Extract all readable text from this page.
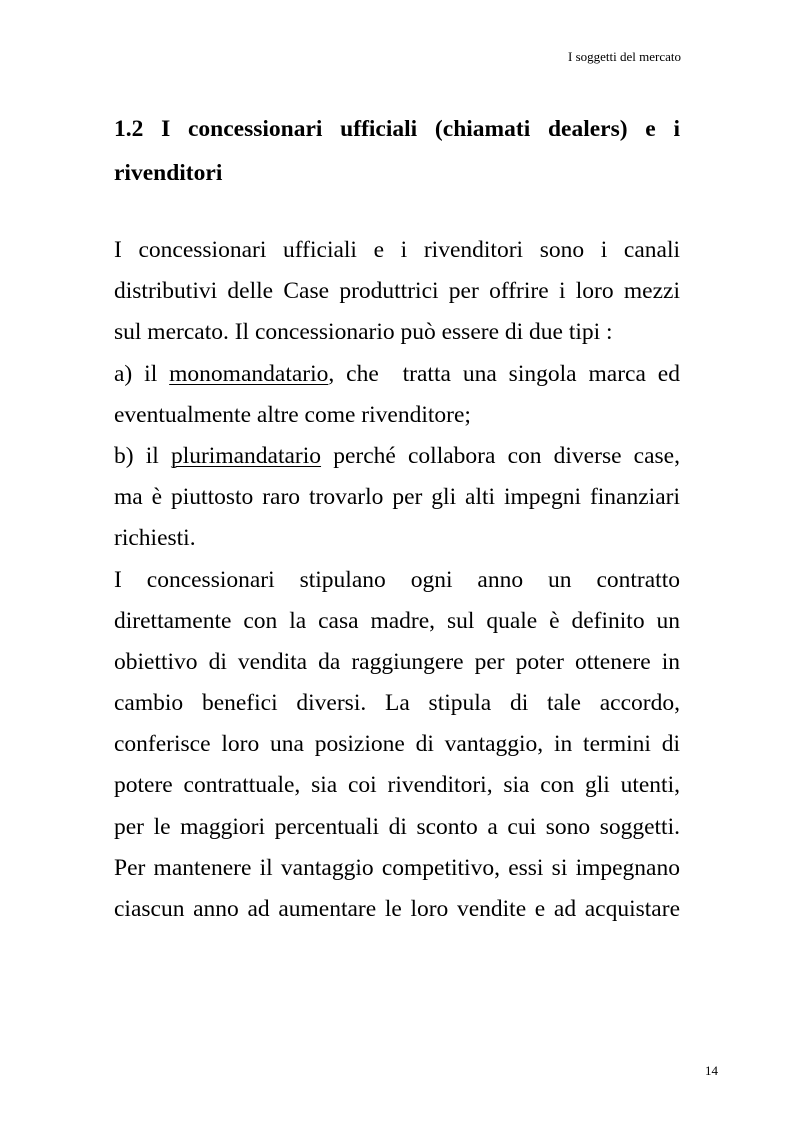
I soggetti del mercato
1.2 I concessionari ufficiali (chiamati dealers) e i
rivenditori
I concessionari ufficiali e i rivenditori sono i canali
distributivi delle Case produttrici per offrire i loro mezzi
sul mercato. Il concessionario può essere di due tipi :
a) il monomandatario, che  tratta una singola marca ed
eventualmente altre come rivenditore;
b) il plurimandatario perché collabora con diverse case,
ma è piuttosto raro trovarlo per gli alti impegni finanziari
richiesti.
I concessionari stipulano ogni anno un contratto
direttamente con la casa madre, sul quale è definito un
obiettivo di vendita da raggiungere per poter ottenere in
cambio benefici diversi. La stipula di tale accordo,
conferisce loro una posizione di vantaggio, in termini di
potere contrattuale, sia coi rivenditori, sia con gli utenti,
per le maggiori percentuali di sconto a cui sono soggetti.
Per mantenere il vantaggio competitivo, essi si impegnano
ciascun anno ad aumentare le loro vendite e ad acquistare
14
